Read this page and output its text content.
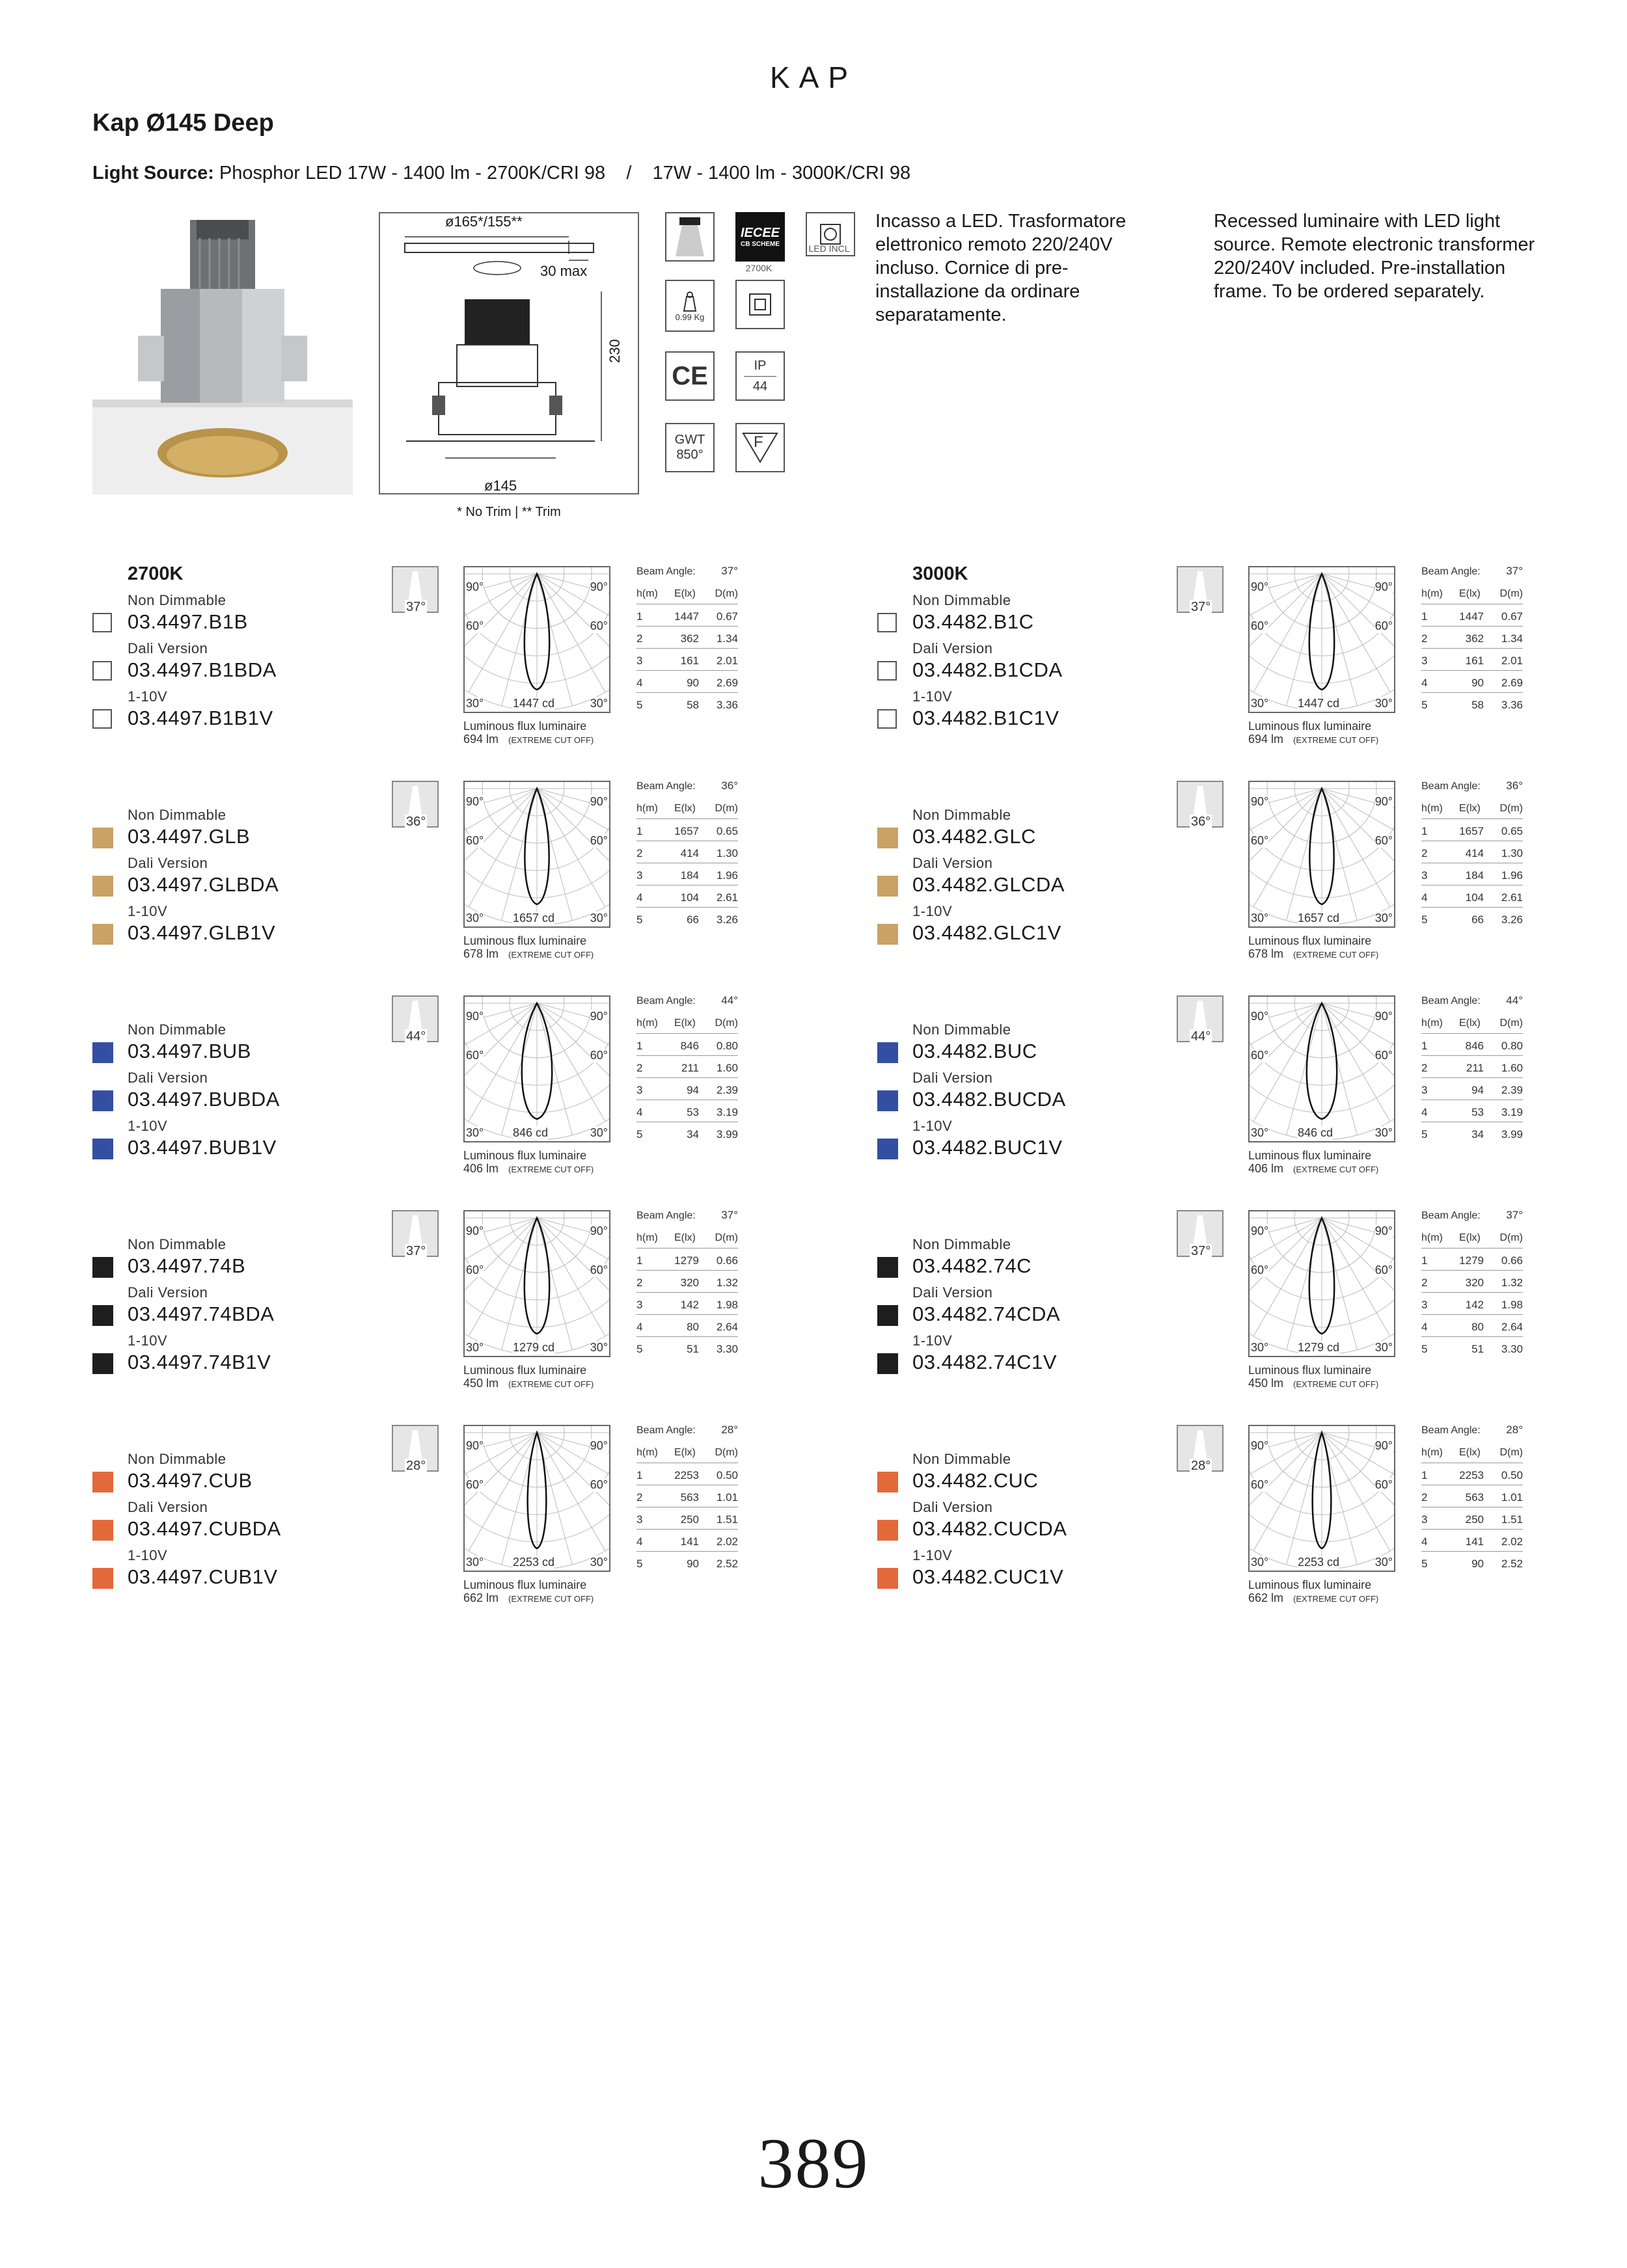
KAP
Kap Ø145 Deep
Light Source: Phosphor LED 17W - 1400 lm - 2700K/CRI 98    /    17W - 1400 lm - 3000K/CRI 98
ø165*/155**
30 max
230
ø145
* No Trim | ** Trim
IECEE
CB SCHEME
2700K
LED INCL
0.99 Kg
CE	IP
44
GWT
850°
F
Incasso a LED. Trasformatore elettronico remoto 220/240V incluso. Cornice di pre-installazione da ordinare separatamente.
Recessed luminaire with LED light source. Remote electronic transformer 220/240V included. Pre-installation frame. To be ordered separately.
2700K
Non Dimmable
03.4497.B1B
Dali Version
03.4497.B1BDA
1-10V
03.4497.B1B1V
37°
90°	90°
60°	60°
30°	30°
1447 cd
Luminous flux luminaire
694 lm (EXTREME CUT OFF)
Beam Angle: 37°
h(m) E(lx) D(m)
1	1447 0.67
2	362 1.34
3	161 2.01
4	90 2.69
5	58 3.36
Non Dimmable
03.4497.GLB
Dali Version
03.4497.GLBDA
1-10V
03.4497.GLB1V
36°
90°	90°
60°	60°
30°	30°
1657 cd
Luminous flux luminaire
678 lm (EXTREME CUT OFF)
Beam Angle: 36°
h(m) E(lx) D(m)
1	1657 0.65
2	414 1.30
3	184 1.96
4	104 2.61
5	66 3.26
Non Dimmable
03.4497.BUB
Dali Version
03.4497.BUBDA
1-10V
03.4497.BUB1V
44°
90°	90°
60°	60°
30°	30°
846 cd
Luminous flux luminaire
406 lm (EXTREME CUT OFF)
Beam Angle: 44°
h(m) E(lx) D(m)
1	846 0.80
2	211 1.60
3	94 2.39
4	53 3.19
5	34 3.99
Non Dimmable
03.4497.74B
Dali Version
03.4497.74BDA
1-10V
03.4497.74B1V
37°
90°	90°
60°	60°
30°	30°
1279 cd
Luminous flux luminaire
450 lm (EXTREME CUT OFF)
Beam Angle: 37°
h(m) E(lx) D(m)
1	1279 0.66
2	320 1.32
3	142 1.98
4	80 2.64
5	51 3.30
Non Dimmable
03.4497.CUB
Dali Version
03.4497.CUBDA
1-10V
03.4497.CUB1V
28°
90°	90°
60°	60°
30°	30°
2253 cd
Luminous flux luminaire
662 lm (EXTREME CUT OFF)
Beam Angle: 28°
h(m) E(lx) D(m)
1	2253 0.50
2	563 1.01
3	250 1.51
4	141 2.02
5	90 2.52
3000K
Non Dimmable
03.4482.B1C
Dali Version
03.4482.B1CDA
1-10V
03.4482.B1C1V
37°
90°	90°
60°	60°
30°	30°
1447 cd
Luminous flux luminaire
694 lm (EXTREME CUT OFF)
Beam Angle: 37°
h(m) E(lx) D(m)
1	1447 0.67
2	362 1.34
3	161 2.01
4	90 2.69
5	58 3.36
Non Dimmable
03.4482.GLC
Dali Version
03.4482.GLCDA
1-10V
03.4482.GLC1V
36°
90°	90°
60°	60°
30°	30°
1657 cd
Luminous flux luminaire
678 lm (EXTREME CUT OFF)
Beam Angle: 36°
h(m) E(lx) D(m)
1	1657 0.65
2	414 1.30
3	184 1.96
4	104 2.61
5	66 3.26
Non Dimmable
03.4482.BUC
Dali Version
03.4482.BUCDA
1-10V
03.4482.BUC1V
44°
90°	90°
60°	60°
30°	30°
846 cd
Luminous flux luminaire
406 lm (EXTREME CUT OFF)
Beam Angle: 44°
h(m) E(lx) D(m)
1	846 0.80
2	211 1.60
3	94 2.39
4	53 3.19
5	34 3.99
Non Dimmable
03.4482.74C
Dali Version
03.4482.74CDA
1-10V
03.4482.74C1V
37°
90°	90°
60°	60°
30°	30°
1279 cd
Luminous flux luminaire
450 lm (EXTREME CUT OFF)
Beam Angle: 37°
h(m) E(lx) D(m)
1	1279 0.66
2	320 1.32
3	142 1.98
4	80 2.64
5	51 3.30
Non Dimmable
03.4482.CUC
Dali Version
03.4482.CUCDA
1-10V
03.4482.CUC1V
28°
90°	90°
60°	60°
30°	30°
2253 cd
Luminous flux luminaire
662 lm (EXTREME CUT OFF)
Beam Angle: 28°
h(m) E(lx) D(m)
1	2253 0.50
2	563 1.01
3	250 1.51
4	141 2.02
5	90 2.52
389
